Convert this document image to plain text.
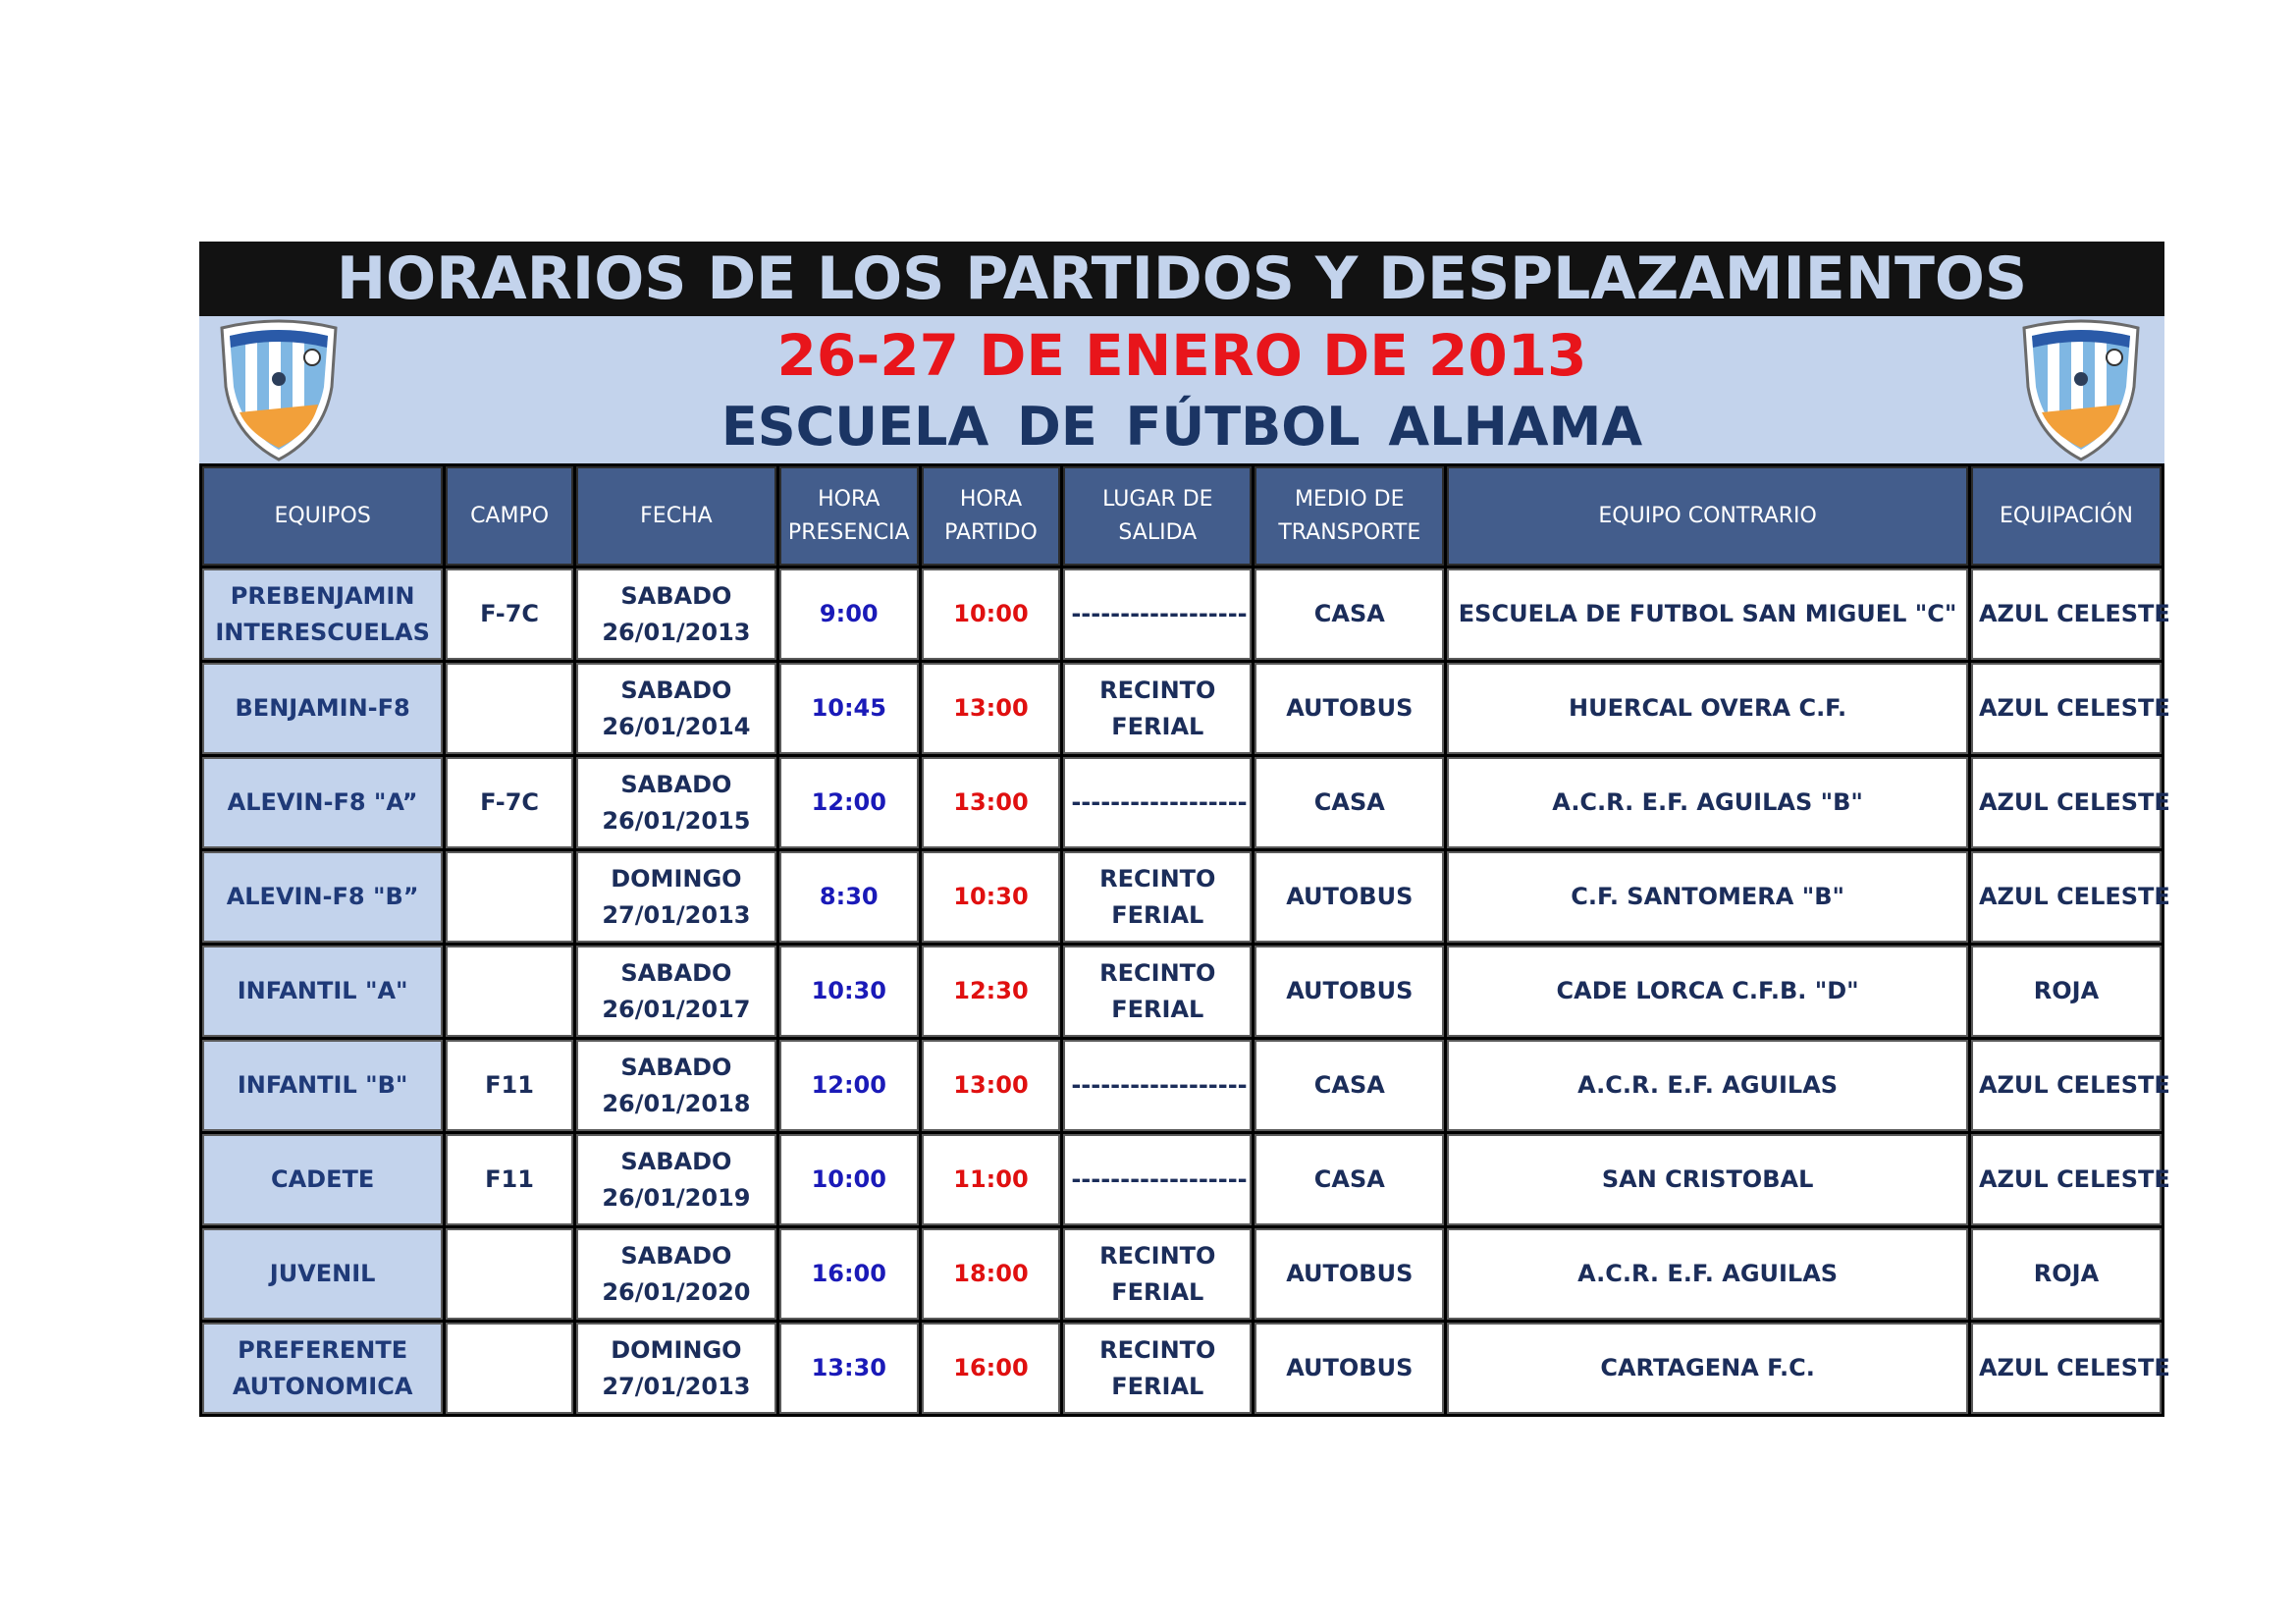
HORARIOS DE LOS PARTIDOS Y DESPLAZAMIENTOS
26-27 DE ENERO DE 2013
ESCUELA DE FÚTBOL ALHAMA
EQUIPOS	CAMPO	FECHA	HORA
PRESENCIA	HORA
PARTIDO	LUGAR DE
SALIDA	MEDIO DE
TRANSPORTE	EQUIPO CONTRARIO	EQUIPACIÓN
PREBENJAMIN
INTERESCUELAS	F-7C	SABADO
26/01/2013	9:00	10:00	------------------	CASA	ESCUELA DE FUTBOL SAN MIGUEL "C"	AZUL CELESTE
BENJAMIN-F8		SABADO
26/01/2014	10:45	13:00	RECINTO
FERIAL	AUTOBUS	HUERCAL OVERA C.F.	AZUL CELESTE
ALEVIN-F8 "A”	F-7C	SABADO
26/01/2015	12:00	13:00	------------------	CASA	A.C.R. E.F. AGUILAS "B"	AZUL CELESTE
ALEVIN-F8 "B”		DOMINGO
27/01/2013	8:30	10:30	RECINTO
FERIAL	AUTOBUS	C.F. SANTOMERA "B"	AZUL CELESTE
INFANTIL "A"		SABADO
26/01/2017	10:30	12:30	RECINTO
FERIAL	AUTOBUS	CADE LORCA C.F.B. "D"	ROJA
INFANTIL "B"	F11	SABADO
26/01/2018	12:00	13:00	------------------	CASA	A.C.R. E.F. AGUILAS	AZUL CELESTE
CADETE	F11	SABADO
26/01/2019	10:00	11:00	------------------	CASA	SAN CRISTOBAL	AZUL CELESTE
JUVENIL		SABADO
26/01/2020	16:00	18:00	RECINTO
FERIAL	AUTOBUS	A.C.R. E.F. AGUILAS	ROJA
PREFERENTE
AUTONOMICA		DOMINGO
27/01/2013	13:30	16:00	RECINTO
FERIAL	AUTOBUS	CARTAGENA F.C.	AZUL CELESTE
